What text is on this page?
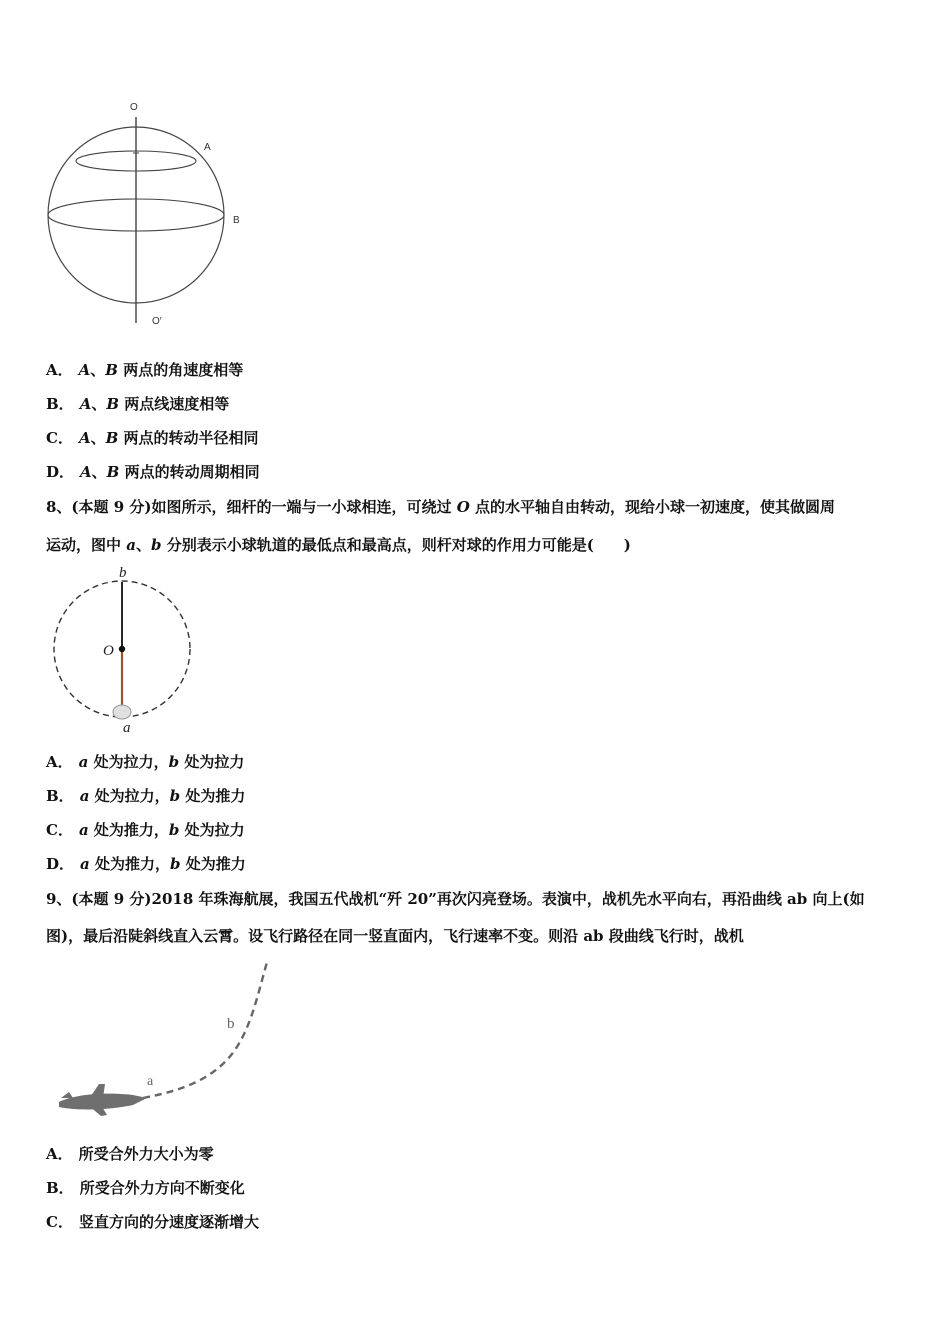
O
A
B
O′
A． A、B 两点的角速度相等
B． A、B 两点线速度相等
C． A、B 两点的转动半径相同
D． A、B 两点的转动周期相同
8、(本题 9 分)如图所示，细杆的一端与一小球相连，可绕过 O 点的水平轴自由转动，现给小球一初速度，使其做圆周
运动，图中 a、b 分别表示小球轨道的最低点和最高点，则杆对球的作用力可能是(　　)
b
O
a
A． a 处为拉力，b 处为拉力
B． a 处为拉力，b 处为推力
C． a 处为推力，b 处为拉力
D． a 处为推力，b 处为推力
9、(本题 9 分)2018 年珠海航展，我国五代战机“歼 20”再次闪亮登场。表演中，战机先水平向右，再沿曲线 ab 向上(如
图)，最后沿陡斜线直入云霄。设飞行路径在同一竖直面内，飞行速率不变。则沿 ab 段曲线飞行时，战机
b
a
A． 所受合外力大小为零
B． 所受合外力方向不断变化
C． 竖直方向的分速度逐渐增大
